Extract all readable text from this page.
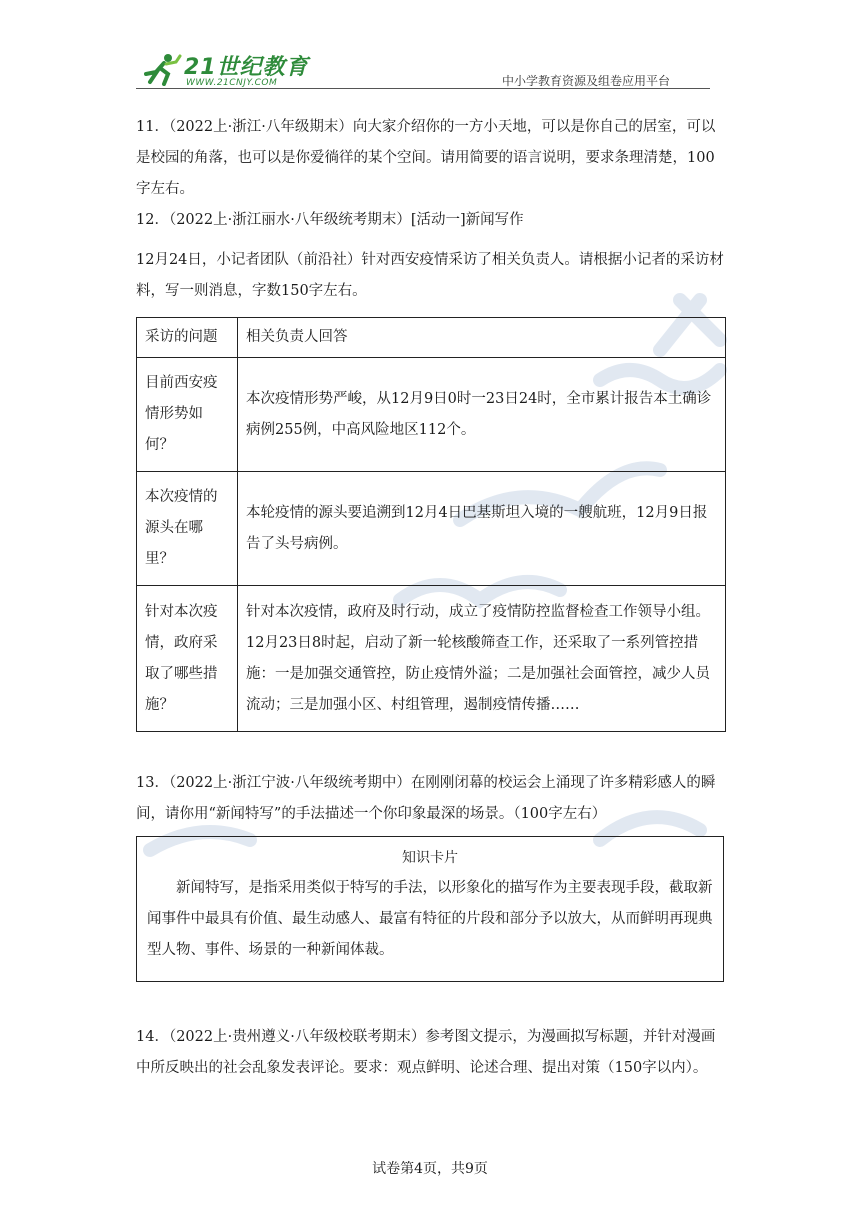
21世纪教育
WWW.21CNJY.COM	中小学教育资源及组卷应用平台

11．（2022上·浙江·八年级期末）向大家介绍你的一方小天地，可以是你自己的居室，可以是校园的角落，也可以是你爱徜徉的某个空间。请用简要的语言说明，要求条理清楚，100字左右。

12．（2022上·浙江丽水·八年级统考期末）[活动一]新闻写作

12月24日，小记者团队（前沿社）针对西安疫情采访了相关负责人。请根据小记者的采访材料，写一则消息，字数150字左右。

采访的问题	相关负责人回答
目前西安疫情形势如何？	本次疫情形势严峻，从12月9日0时一23日24时，全市累计报告本土确诊病例255例，中高风险地区112个。
本次疫情的源头在哪里？	本轮疫情的源头要追溯到12月4日巴基斯坦入境的一艘航班，12月9日报告了头号病例。
针对本次疫情，政府采取了哪些措施？	针对本次疫情，政府及时行动，成立了疫情防控监督检查工作领导小组。12月23日8时起，启动了新一轮核酸筛查工作，还采取了一系列管控措施：一是加强交通管控，防止疫情外溢；二是加强社会面管控，减少人员流动；三是加强小区、村组管理，遏制疫情传播……

13．（2022上·浙江宁波·八年级统考期中）在刚刚闭幕的校运会上涌现了许多精彩感人的瞬间，请你用“新闻特写”的手法描述一个你印象最深的场景。（100字左右）

知识卡片
新闻特写，是指采用类似于特写的手法，以形象化的描写作为主要表现手段，截取新闻事件中最具有价值、最生动感人、最富有特征的片段和部分予以放大，从而鲜明再现典型人物、事件、场景的一种新闻体裁。

14．（2022上·贵州遵义·八年级校联考期末）参考图文提示，为漫画拟写标题，并针对漫画中所反映出的社会乱象发表评论。要求：观点鲜明、论述合理、提出对策（150字以内）。

试卷第4页，共9页
